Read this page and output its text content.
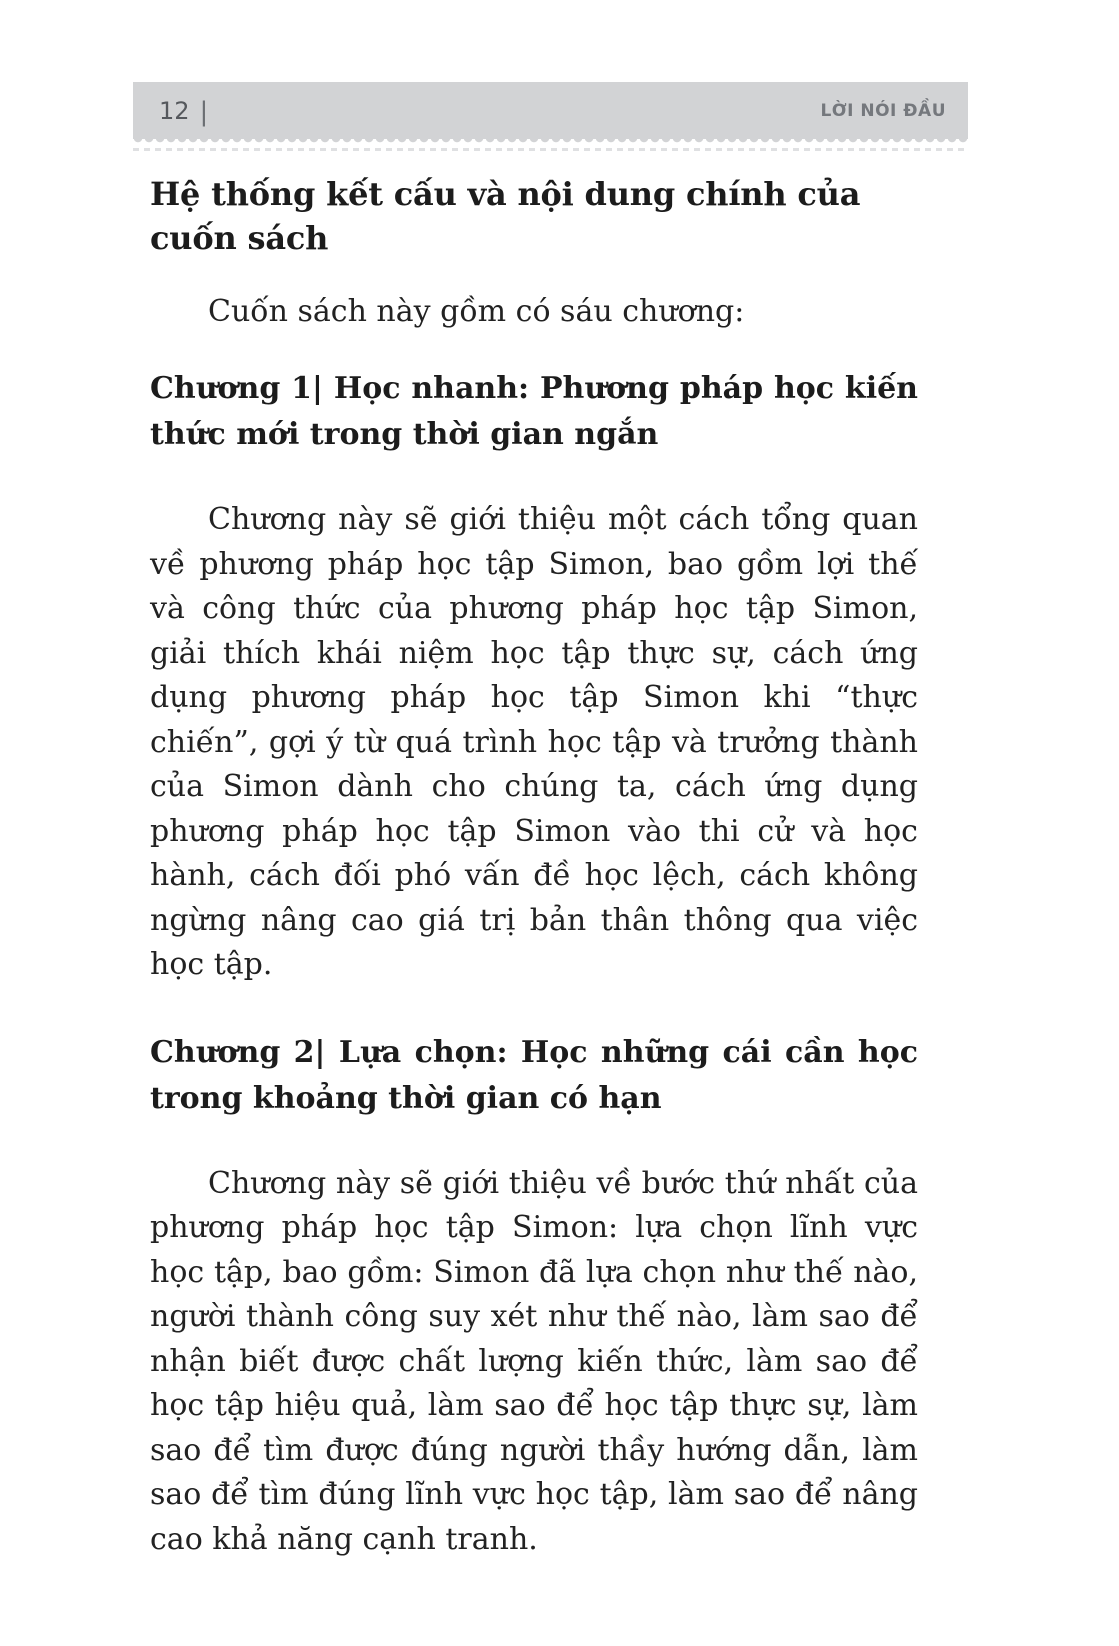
12 |	LỜI NÓI ĐẦU
Hệ thống kết cấu và nội dung chính của cuốn sách

Cuốn sách này gồm có sáu chương:

Chương 1| Học nhanh: Phương pháp học kiến thức mới trong thời gian ngắn

Chương này sẽ giới thiệu một cách tổng quan về phương pháp học tập Simon, bao gồm lợi thế và công thức của phương pháp học tập Simon, giải thích khái niệm học tập thực sự, cách ứng dụng phương pháp học tập Simon khi “thực chiến”, gợi ý từ quá trình học tập và trưởng thành của Simon dành cho chúng ta, cách ứng dụng phương pháp học tập Simon vào thi cử và học hành, cách đối phó vấn đề học lệch, cách không ngừng nâng cao giá trị bản thân thông qua việc học tập.

Chương 2| Lựa chọn: Học những cái cần học trong khoảng thời gian có hạn

Chương này sẽ giới thiệu về bước thứ nhất của phương pháp học tập Simon: lựa chọn lĩnh vực học tập, bao gồm: Simon đã lựa chọn như thế nào, người thành công suy xét như thế nào, làm sao để nhận biết được chất lượng kiến thức, làm sao để học tập hiệu quả, làm sao để học tập thực sự, làm sao để tìm được đúng người thầy hướng dẫn, làm sao để tìm đúng lĩnh vực học tập, làm sao để nâng cao khả năng cạnh tranh.
